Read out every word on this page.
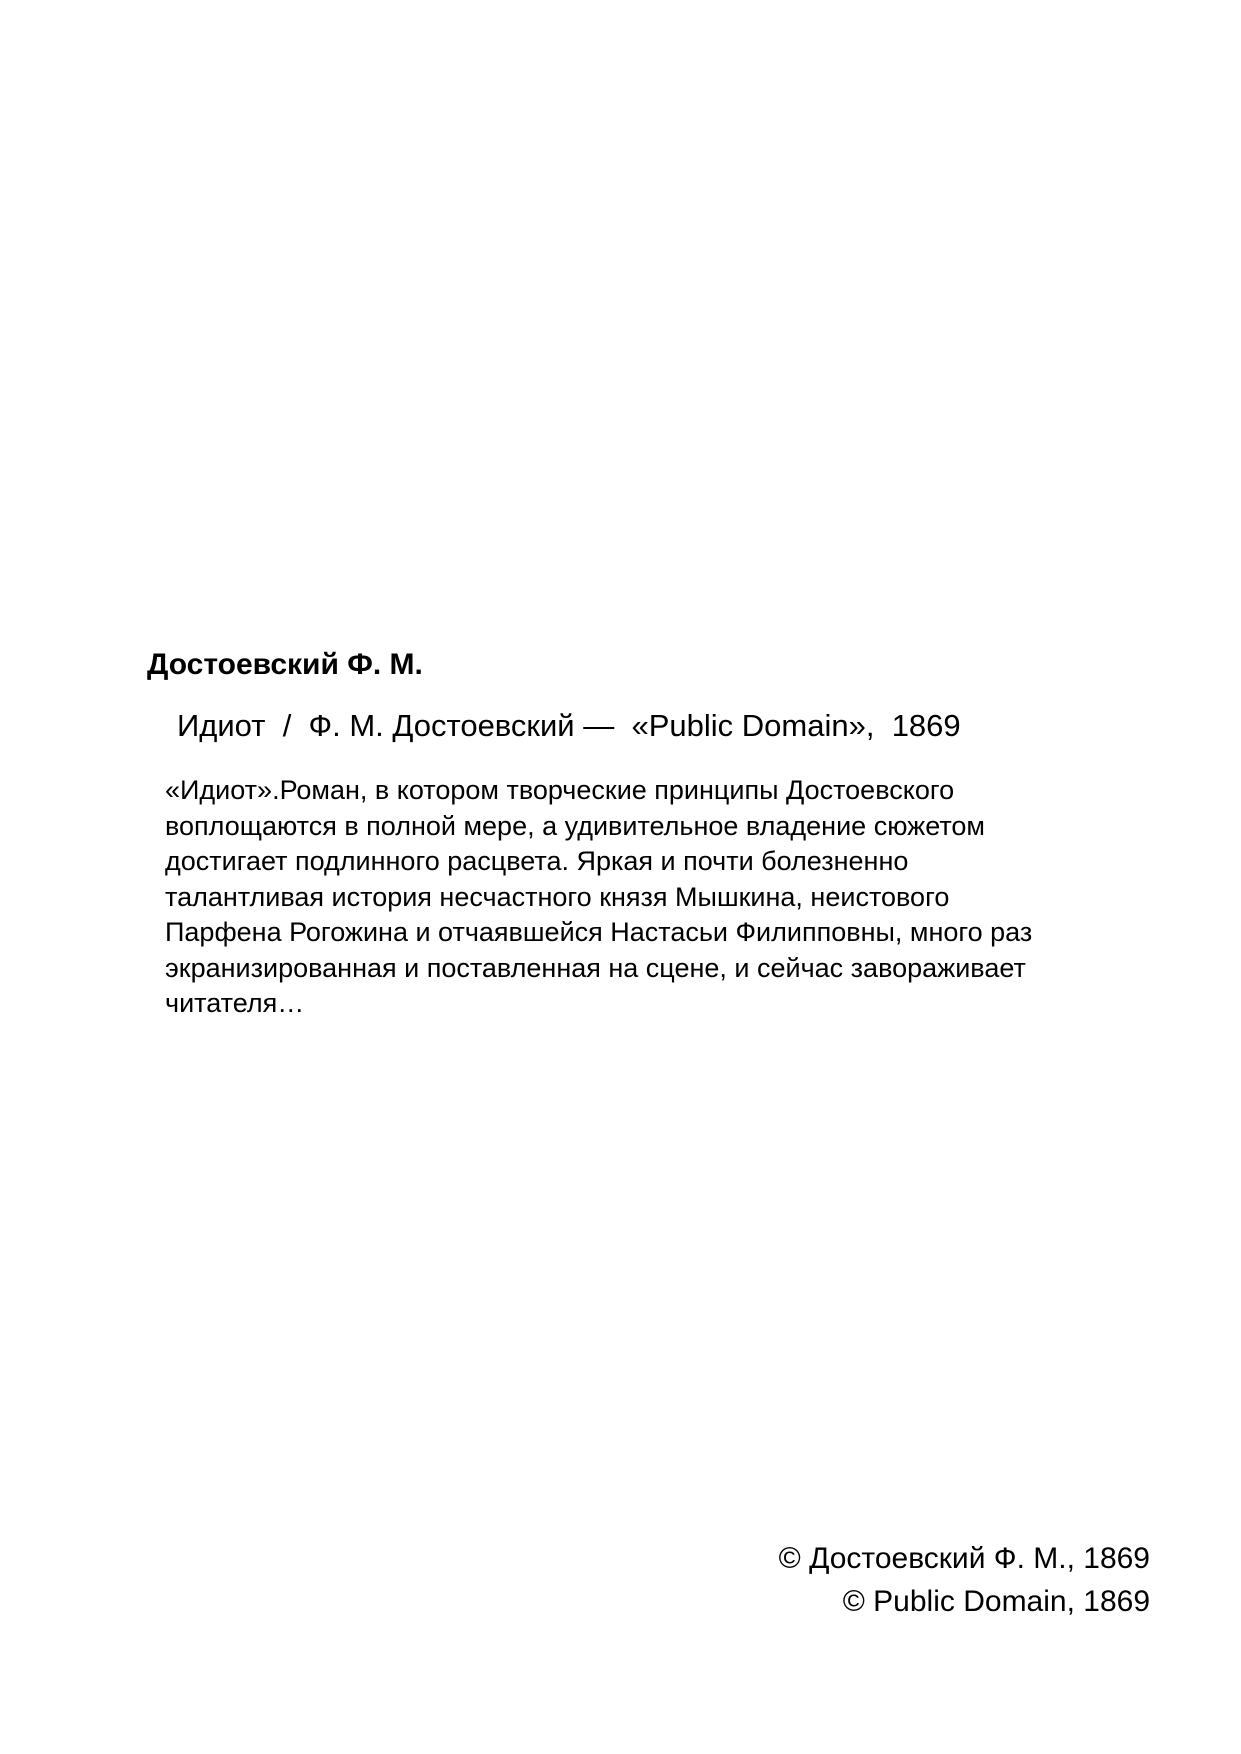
Достоевский Ф. М.
Идиот / Ф. М. Достоевский — «Public Domain», 1869
«Идиот».Роман, в котором творческие принципы Достоевского
воплощаются в полной мере, а удивительное владение сюжетом
достигает подлинного расцвета. Яркая и почти болезненно
талантливая история несчастного князя Мышкина, неистового
Парфена Рогожина и отчаявшейся Настасьи Филипповны, много раз
экранизированная и поставленная на сцене, и сейчас завораживает
читателя…
© Достоевский Ф. М., 1869
© Public Domain, 1869
